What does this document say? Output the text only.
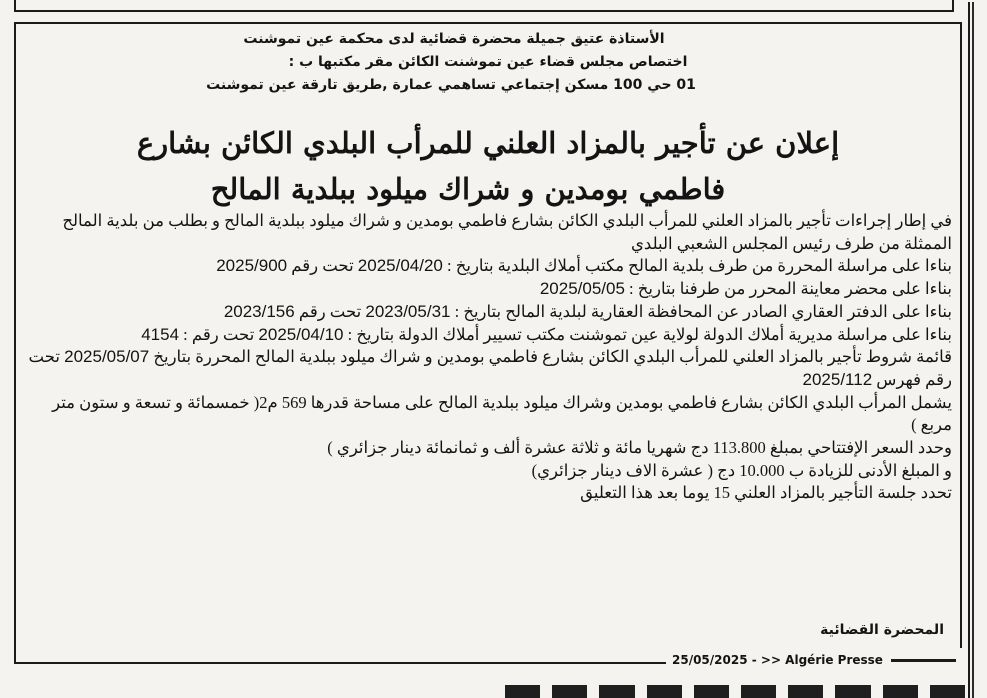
الأستاذة عتيق جميلة محضرة قضائية لدى محكمة عين تموشنت
اختصاص مجلس قضاء عين تموشنت الكائن مقر مكتبها ب :
01 حي 100 مسكن إجتماعي تساهمي عمارة ,طريق تارقة عين تموشنت
إعلان عن تأجير بالمزاد العلني للمرأب البلدي الكائن بشارع
فاطمي بومدين و شراك ميلود ببلدية المالح

في إطار إجراءات تأجير بالمزاد العلني للمرأب البلدي الكائن بشارع فاطمي بومدين و شراك ميلود ببلدية المالح و بطلب من بلدية المالح الممثلة من طرف رئيس المجلس الشعبي البلدي

بناءا على مراسلة المحررة من طرف بلدية المالح مكتب أملاك البلدية بتاريخ : 2025/04/20 تحت رقم 2025/900

بناءا على محضر معاينة المحرر من طرفنا بتاريخ : 2025/05/05

بناءا على الدفتر العقاري الصادر عن المحافظة العقارية لبلدية المالح بتاريخ : 2023/05/31 تحت رقم 2023/156

بناءا على مراسلة مديرية أملاك الدولة لولاية عين تموشنت مكتب تسيير أملاك الدولة بتاريخ : 2025/04/10 تحت رقم : 4154

قائمة شروط تأجير بالمزاد العلني للمرأب البلدي الكائن بشارع فاطمي بومدين و شراك ميلود ببلدية المالح المحررة بتاريخ 2025/05/07 تحت رقم فهرس 2025/112

يشمل المرأب البلدي الكائن بشارع فاطمي بومدين وشراك ميلود ببلدية المالح على مساحة قدرها 569 م2( خمسمائة و تسعة و ستون متر مربع )

وحدد السعر الإفتتاحي بمبلغ 113.800 دج شهريا مائة و ثلاثة عشرة ألف و ثمانمائة دينار جزائري )

و المبلغ الأدنى للزيادة ب 10.000 دج ( عشرة الاف دينار جزائري)

تحدد جلسة التأجير بالمزاد العلني 15 يوما بعد هذا التعليق

المحضرة القضائية
25/05/2025 - >> Algérie Presse
